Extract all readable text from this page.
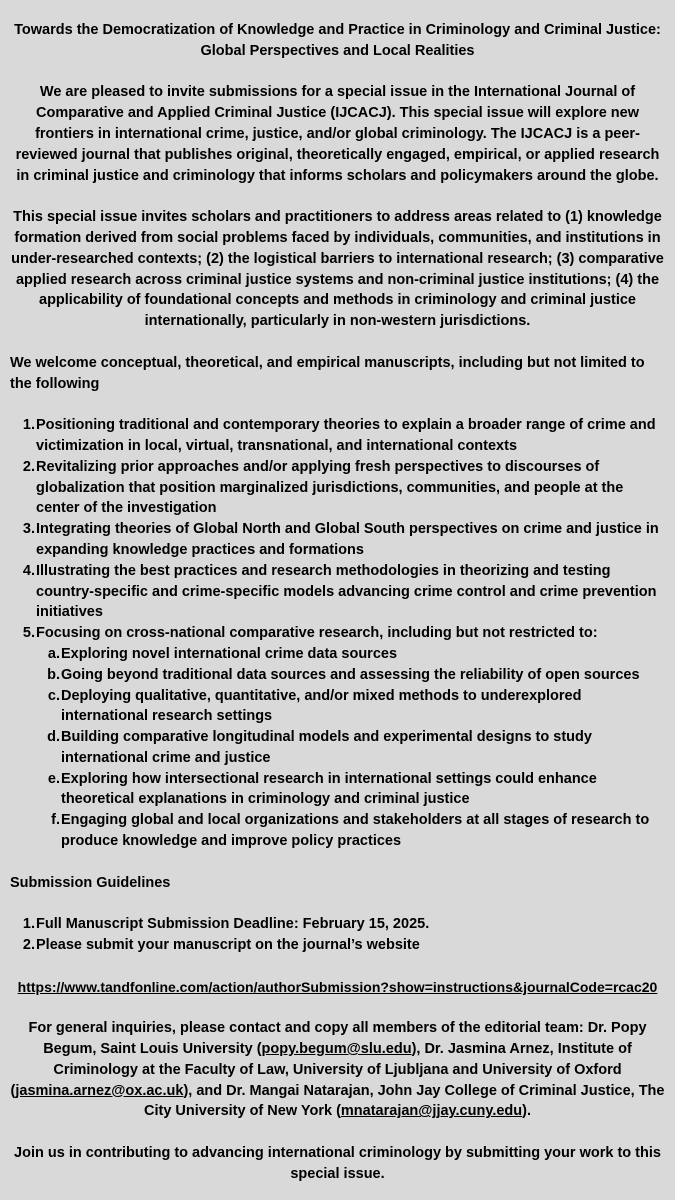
Towards the Democratization of Knowledge and Practice in Criminology and Criminal Justice:

Global Perspectives and Local Realities

We are pleased to invite submissions for a special issue in the International Journal of Comparative and Applied Criminal Justice (IJCACJ). This special issue will explore new frontiers in international crime, justice, and/or global criminology. The IJCACJ is a peer-reviewed journal that publishes original, theoretically engaged, empirical, or applied research in criminal justice and criminology that informs scholars and policymakers around the globe.

This special issue invites scholars and practitioners to address areas related to (1) knowledge formation derived from social problems faced by individuals, communities, and institutions in under-researched contexts; (2) the logistical barriers to international research; (3) comparative applied research across criminal justice systems and non-criminal justice institutions; (4) the applicability of foundational concepts and methods in criminology and criminal justice internationally, particularly in non-western jurisdictions.

We welcome conceptual, theoretical, and empirical manuscripts, including but not limited to the following

1. Positioning traditional and contemporary theories to explain a broader range of crime and victimization in local, virtual, transnational, and international contexts
2. Revitalizing prior approaches and/or applying fresh perspectives to discourses of globalization that position marginalized jurisdictions, communities, and people at the center of the investigation
3. Integrating theories of Global North and Global South perspectives on crime and justice in expanding knowledge practices and formations
4. Illustrating the best practices and research methodologies in theorizing and testing country-specific and crime-specific models advancing crime control and crime prevention initiatives
5. Focusing on cross-national comparative research, including but not restricted to:
a. Exploring novel international crime data sources
b. Going beyond traditional data sources and assessing the reliability of open sources
c. Deploying qualitative, quantitative, and/or mixed methods to underexplored international research settings
d. Building comparative longitudinal models and experimental designs to study international crime and justice
e. Exploring how intersectional research in international settings could enhance theoretical explanations in criminology and criminal justice
f. Engaging global and local organizations and stakeholders at all stages of research to produce knowledge and improve policy practices

Submission Guidelines

1. Full Manuscript Submission Deadline: February 15, 2025.
2. Please submit your manuscript on the journal’s website
https://www.tandfonline.com/action/authorSubmission?show=instructions&journalCode=rcac20

For general inquiries, please contact and copy all members of the editorial team: Dr. Popy Begum, Saint Louis University (popy.begum@slu.edu), Dr. Jasmina Arnez, Institute of Criminology at the Faculty of Law, University of Ljubljana and University of Oxford (jasmina.arnez@ox.ac.uk), and Dr. Mangai Natarajan, John Jay College of Criminal Justice, The City University of New York (mnatarajan@jjay.cuny.edu).

Join us in contributing to advancing international criminology by submitting your work to this special issue.
